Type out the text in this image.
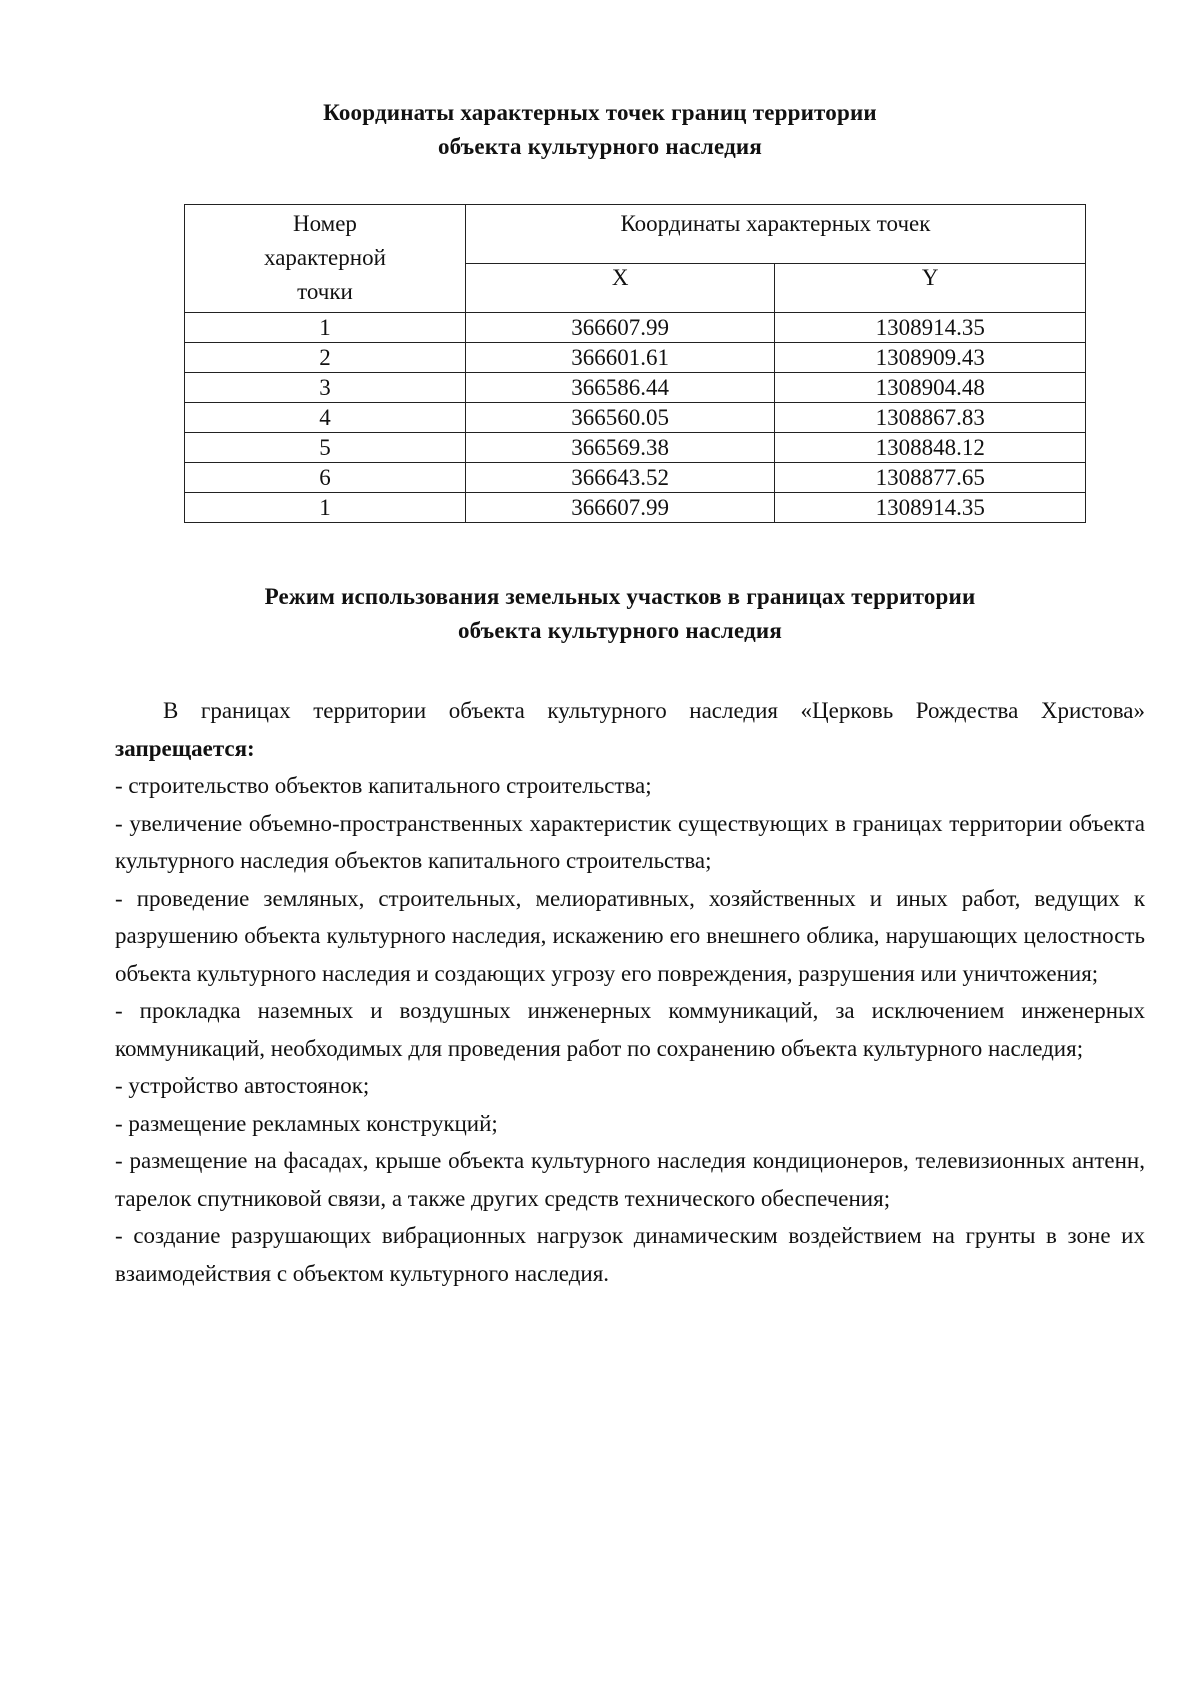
Координаты характерных точек границ территории
объекта культурного наследия
Номер характерной точки	Координаты характерных точек	
	X	Y
1	366607.99	1308914.35
2	366601.61	1308909.43
3	366586.44	1308904.48
4	366560.05	1308867.83
5	366569.38	1308848.12
6	366643.52	1308877.65
1	366607.99	1308914.35
Режим использования земельных участков в границах территории
объекта культурного наследия

В границах территории объекта культурного наследия «Церковь Рождества Христова» запрещается:

- строительство объектов капитального строительства;

- увеличение объемно-пространственных характеристик существующих в границах территории объекта культурного наследия объектов капитального строительства;

- проведение земляных, строительных, мелиоративных, хозяйственных и иных работ, ведущих к разрушению объекта культурного наследия, искажению его внешнего облика, нарушающих целостность объекта культурного наследия и создающих угрозу его повреждения, разрушения или уничтожения;

- прокладка наземных и воздушных инженерных коммуникаций, за исключением инженерных коммуникаций, необходимых для проведения работ по сохранению объекта культурного наследия;

- устройство автостоянок;

- размещение рекламных конструкций;

- размещение на фасадах, крыше объекта культурного наследия кондиционеров, телевизионных антенн, тарелок спутниковой связи, а также других средств технического обеспечения;

- создание разрушающих вибрационных нагрузок динамическим воздействием на грунты в зоне их взаимодействия с объектом культурного наследия.
